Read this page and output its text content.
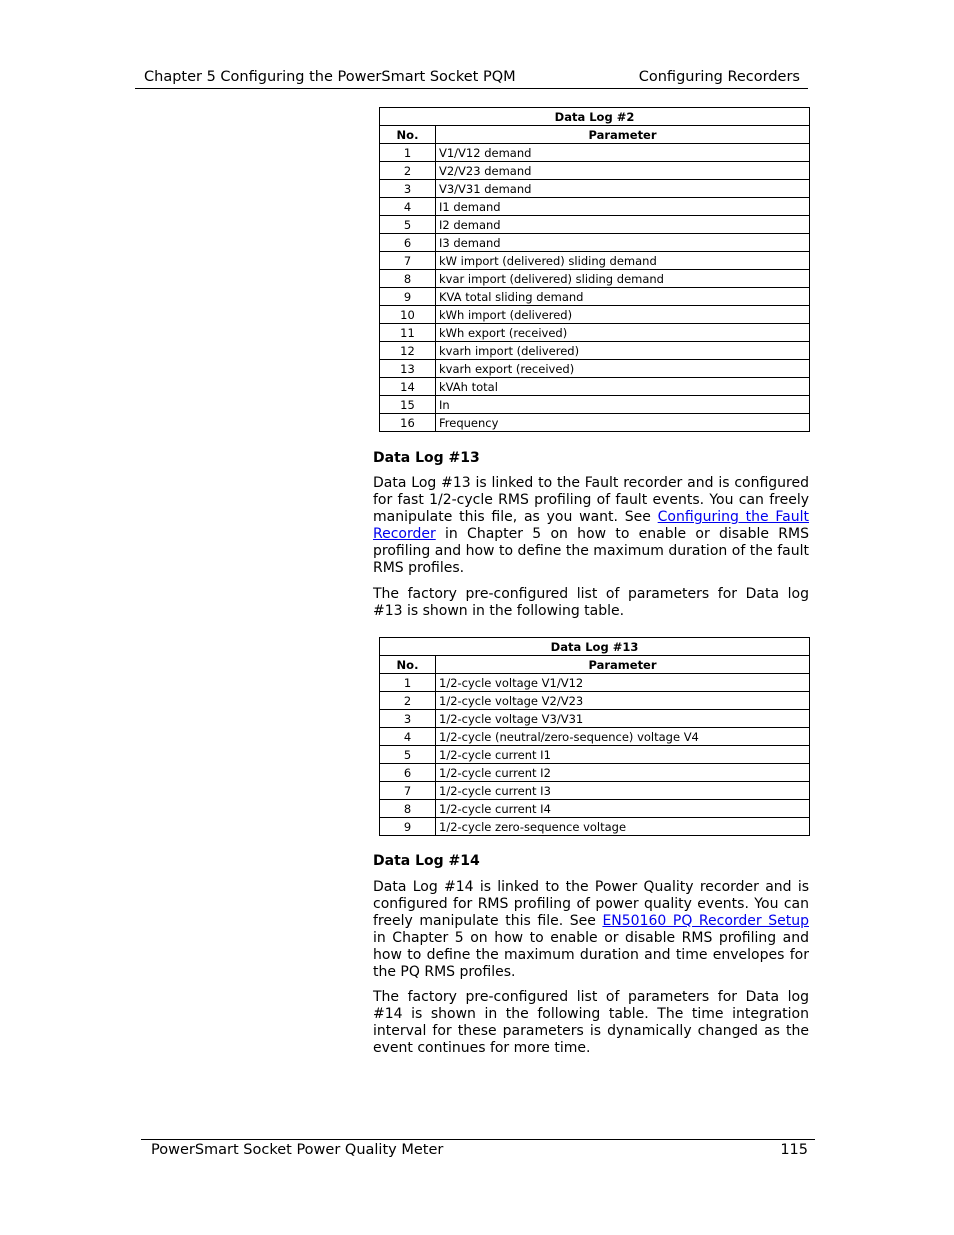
Chapter 5 Configuring the PowerSmart Socket PQM	Configuring Recorders
Data Log #2	
No.	Parameter
1	V1/V12 demand
2	V2/V23 demand
3	V3/V31 demand
4	I1 demand
5	I2 demand
6	I3 demand
7	kW import (delivered) sliding demand
8	kvar import (delivered) sliding demand
9	KVA total sliding demand
10	kWh import (delivered)
11	kWh export (received)
12	kvarh import (delivered)
13	kvarh export (received)
14	kVAh total
15	In
16	Frequency
Data Log #13
Data Log #13 is linked to the Fault recorder and is configured for fast 1/2-cycle RMS profiling of fault events. You can freely manipulate this file, as you want. See Configuring the Fault Recorder in Chapter 5 on how to enable or disable RMS profiling and how to define the maximum duration of the fault RMS profiles.
The factory pre-configured list of parameters for Data log #13 is shown in the following table.
Data Log #13	
No.	Parameter
1	1/2-cycle voltage V1/V12
2	1/2-cycle voltage V2/V23
3	1/2-cycle voltage V3/V31
4	1/2-cycle (neutral/zero-sequence) voltage V4
5	1/2-cycle current I1
6	1/2-cycle current I2
7	1/2-cycle current I3
8	1/2-cycle current I4
9	1/2-cycle zero-sequence voltage
Data Log #14
Data Log #14 is linked to the Power Quality recorder and is configured for RMS profiling of power quality events. You can freely manipulate this file. See EN50160 PQ Recorder Setup in Chapter 5 on how to enable or disable RMS profiling and how to define the maximum duration and time envelopes for the PQ RMS profiles.
The factory pre-configured list of parameters for Data log #14 is shown in the following table. The time integration interval for these parameters is dynamically changed as the event continues for more time.
PowerSmart Socket Power Quality Meter	115
